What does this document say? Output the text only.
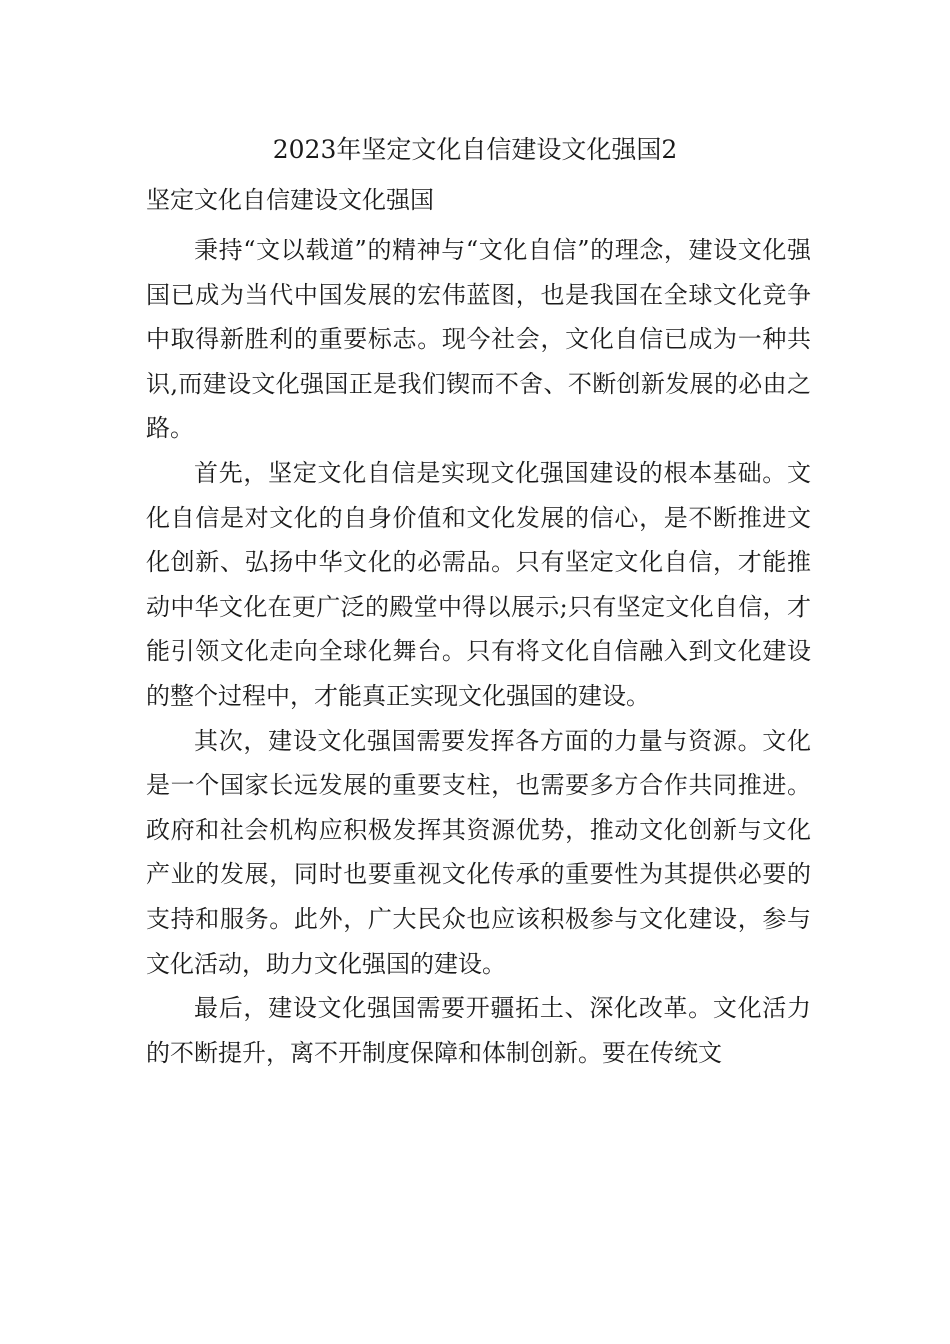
2023年坚定文化自信建设文化强国2

坚定文化自信建设文化强国

秉持“文以载道”的精神与“文化自信”的理念，建设文化强国已成为当代中国发展的宏伟蓝图，也是我国在全球文化竞争中取得新胜利的重要标志。现今社会，文化自信已成为一种共识,而建设文化强国正是我们锲而不舍、不断创新发展的必由之路。

首先，坚定文化自信是实现文化强国建设的根本基础。文化自信是对文化的自身价值和文化发展的信心，是不断推进文化创新、弘扬中华文化的必需品。只有坚定文化自信，才能推动中华文化在更广泛的殿堂中得以展示;只有坚定文化自信，才能引领文化走向全球化舞台。只有将文化自信融入到文化建设的整个过程中，才能真正实现文化强国的建设。

其次，建设文化强国需要发挥各方面的力量与资源。文化是一个国家长远发展的重要支柱，也需要多方合作共同推进。政府和社会机构应积极发挥其资源优势，推动文化创新与文化产业的发展，同时也要重视文化传承的重要性为其提供必要的支持和服务。此外，广大民众也应该积极参与文化建设，参与文化活动，助力文化强国的建设。

最后，建设文化强国需要开疆拓土、深化改革。文化活力的不断提升，离不开制度保障和体制创新。要在传统文
